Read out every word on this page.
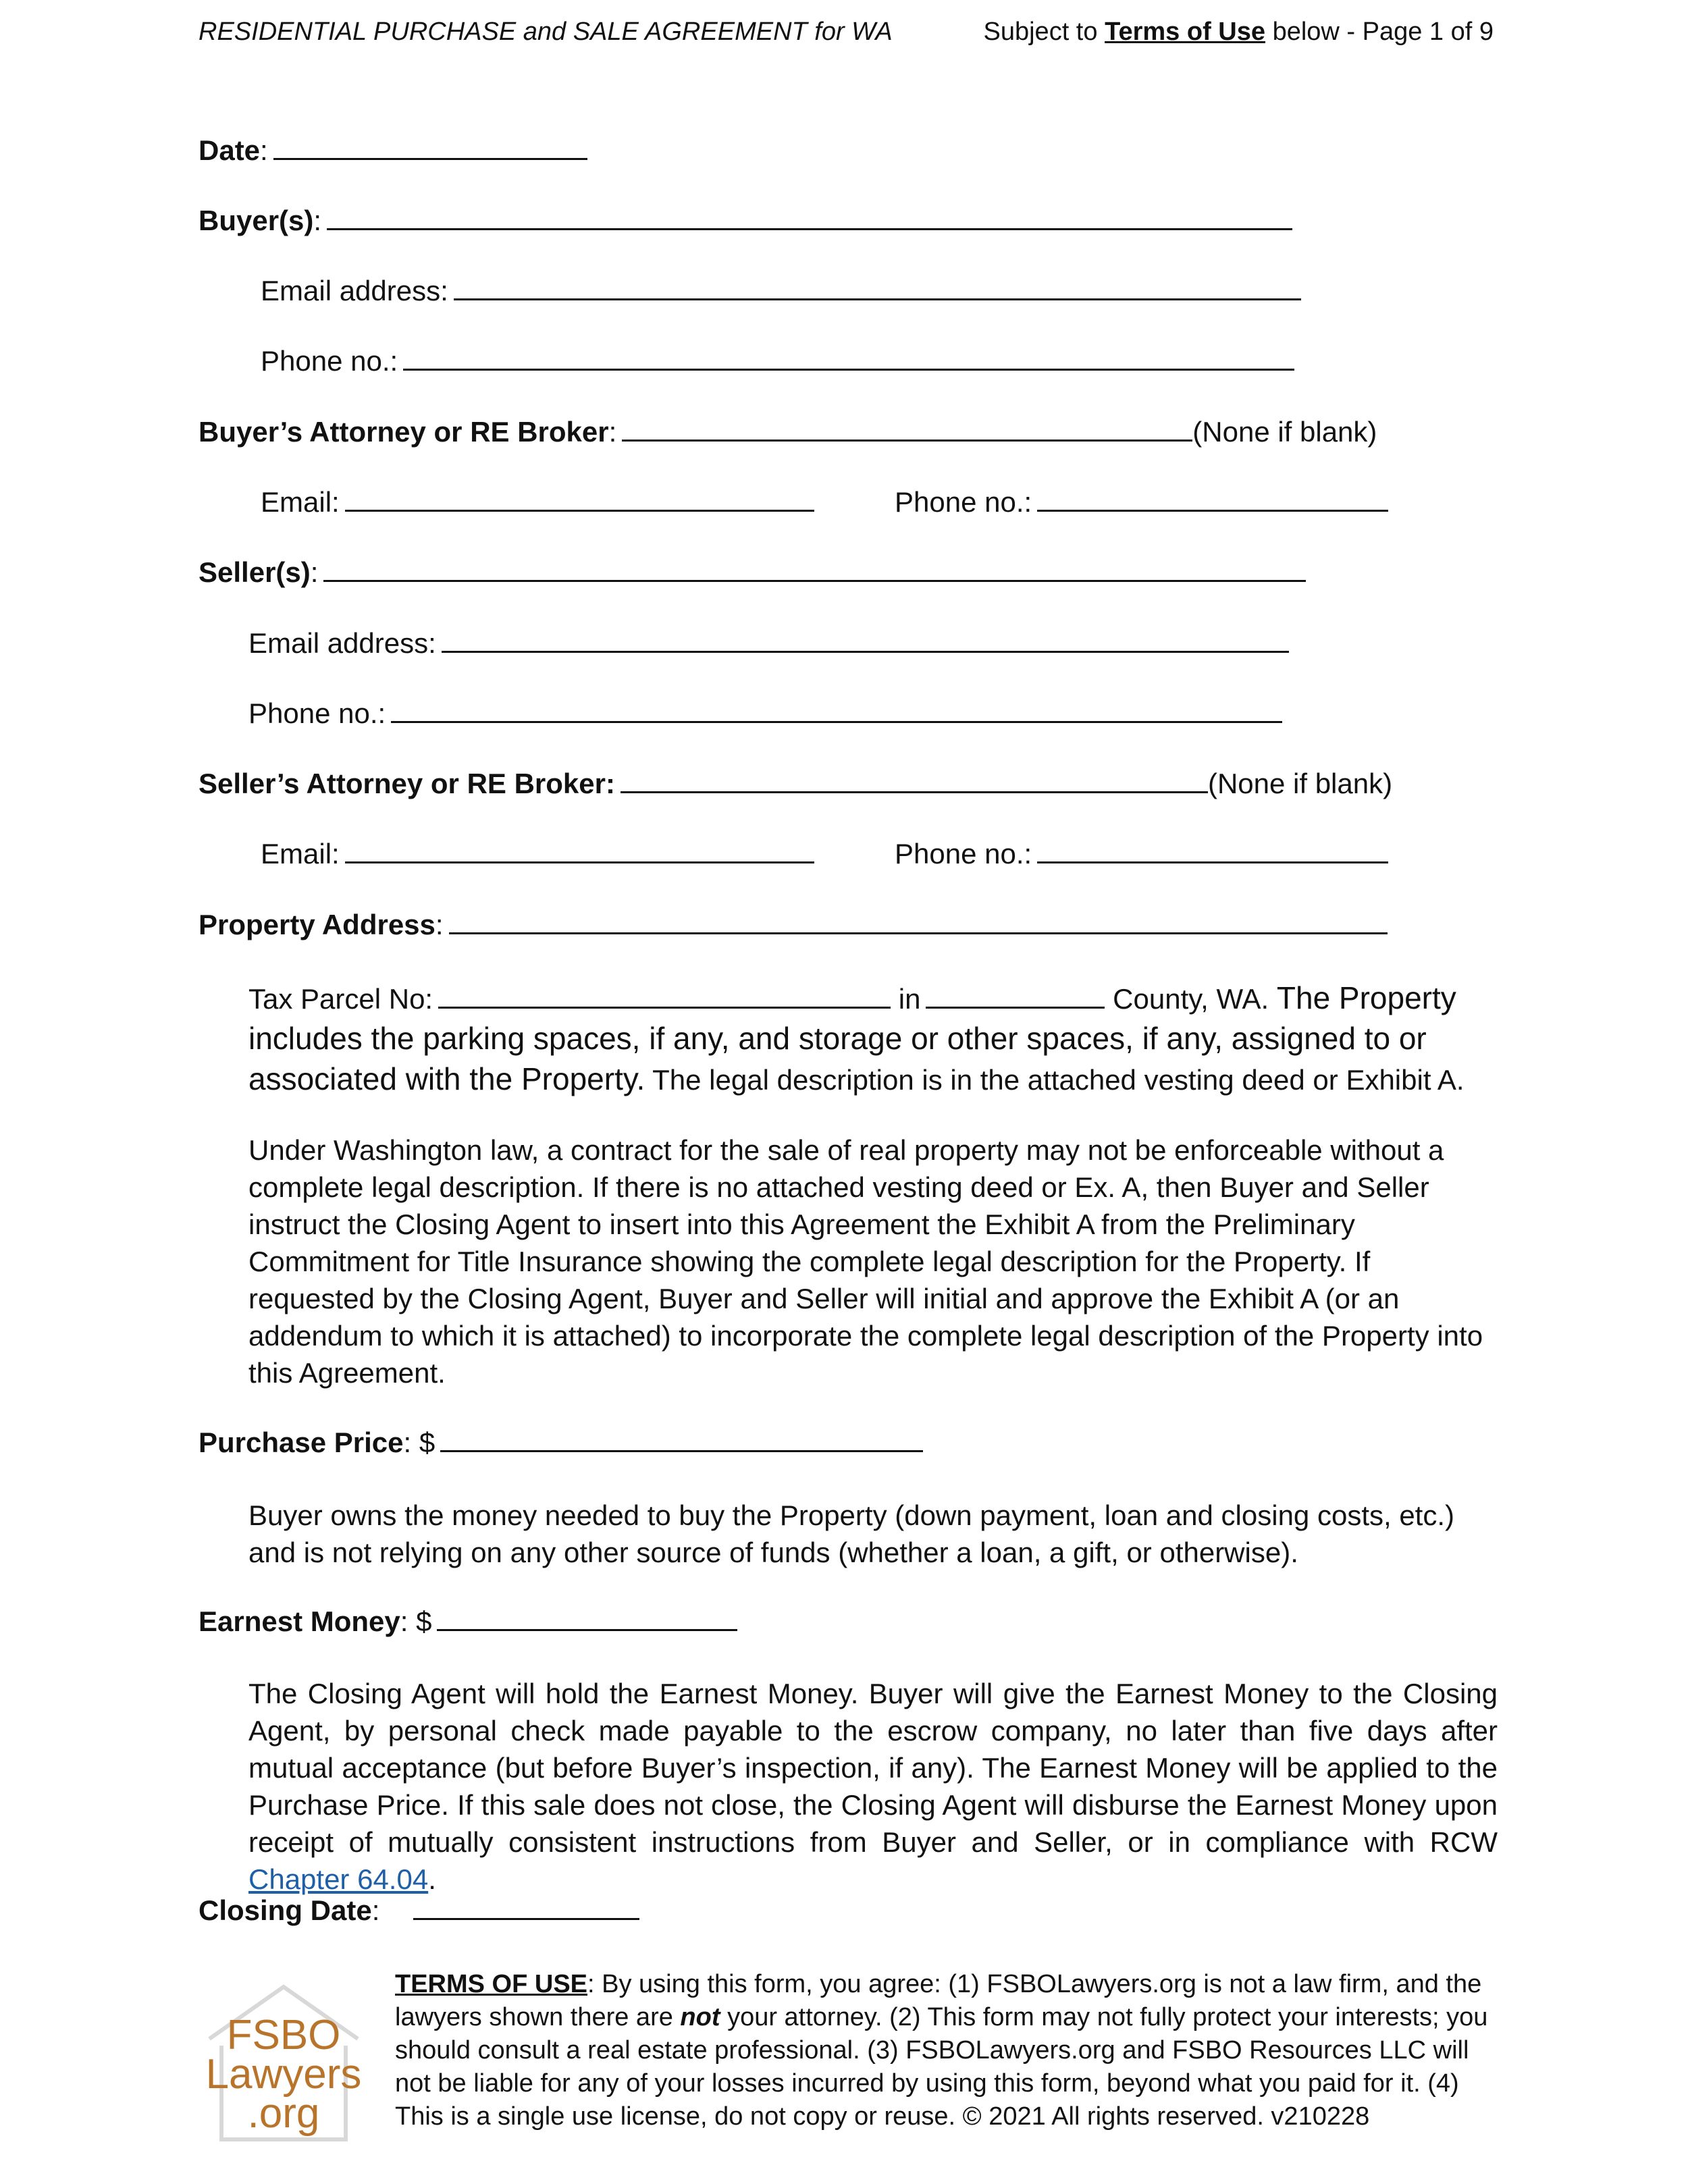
RESIDENTIAL PURCHASE and SALE AGREEMENT for WA	Subject to Terms of Use below - Page 1 of 9
Date:
Buyer(s):
Email address:
Phone no.:
Buyer’s Attorney or RE Broker:	(None if blank)
Email:	Phone no.:
Seller(s):
Email address:
Phone no.:
Seller’s Attorney or RE Broker:	(None if blank)
Email:	Phone no.:
Property Address:
Tax Parcel No:	in	County, WA. The Property includes the parking spaces, if any, and storage or other spaces, if any, assigned to or associated with the Property. The legal description is in the attached vesting deed or Exhibit A.
Under Washington law, a contract for the sale of real property may not be enforceable without a complete legal description. If there is no attached vesting deed or Ex. A, then Buyer and Seller instruct the Closing Agent to insert into this Agreement the Exhibit A from the Preliminary Commitment for Title Insurance showing the complete legal description for the Property. If requested by the Closing Agent, Buyer and Seller will initial and approve the Exhibit A (or an addendum to which it is attached) to incorporate the complete legal description of the Property into this Agreement.
Purchase Price: $
Buyer owns the money needed to buy the Property (down payment, loan and closing costs, etc.) and is not relying on any other source of funds (whether a loan, a gift, or otherwise).
Earnest Money: $
The Closing Agent will hold the Earnest Money. Buyer will give the Earnest Money to the Closing Agent, by personal check made payable to the escrow company, no later than five days after mutual acceptance (but before Buyer’s inspection, if any). The Earnest Money will be applied to the Purchase Price. If this sale does not close, the Closing Agent will disburse the Earnest Money upon receipt of mutually consistent instructions from Buyer and Seller, or in compliance with RCW Chapter 64.04.
Closing Date:
FSBO
Lawyers
.org
TERMS OF USE: By using this form, you agree: (1) FSBOLawyers.org is not a law firm, and the lawyers shown there are not your attorney. (2) This form may not fully protect your interests; you should consult a real estate professional. (3) FSBOLawyers.org and FSBO Resources LLC will not be liable for any of your losses incurred by using this form, beyond what you paid for it. (4) This is a single use license, do not copy or reuse. © 2021 All rights reserved. v210228
